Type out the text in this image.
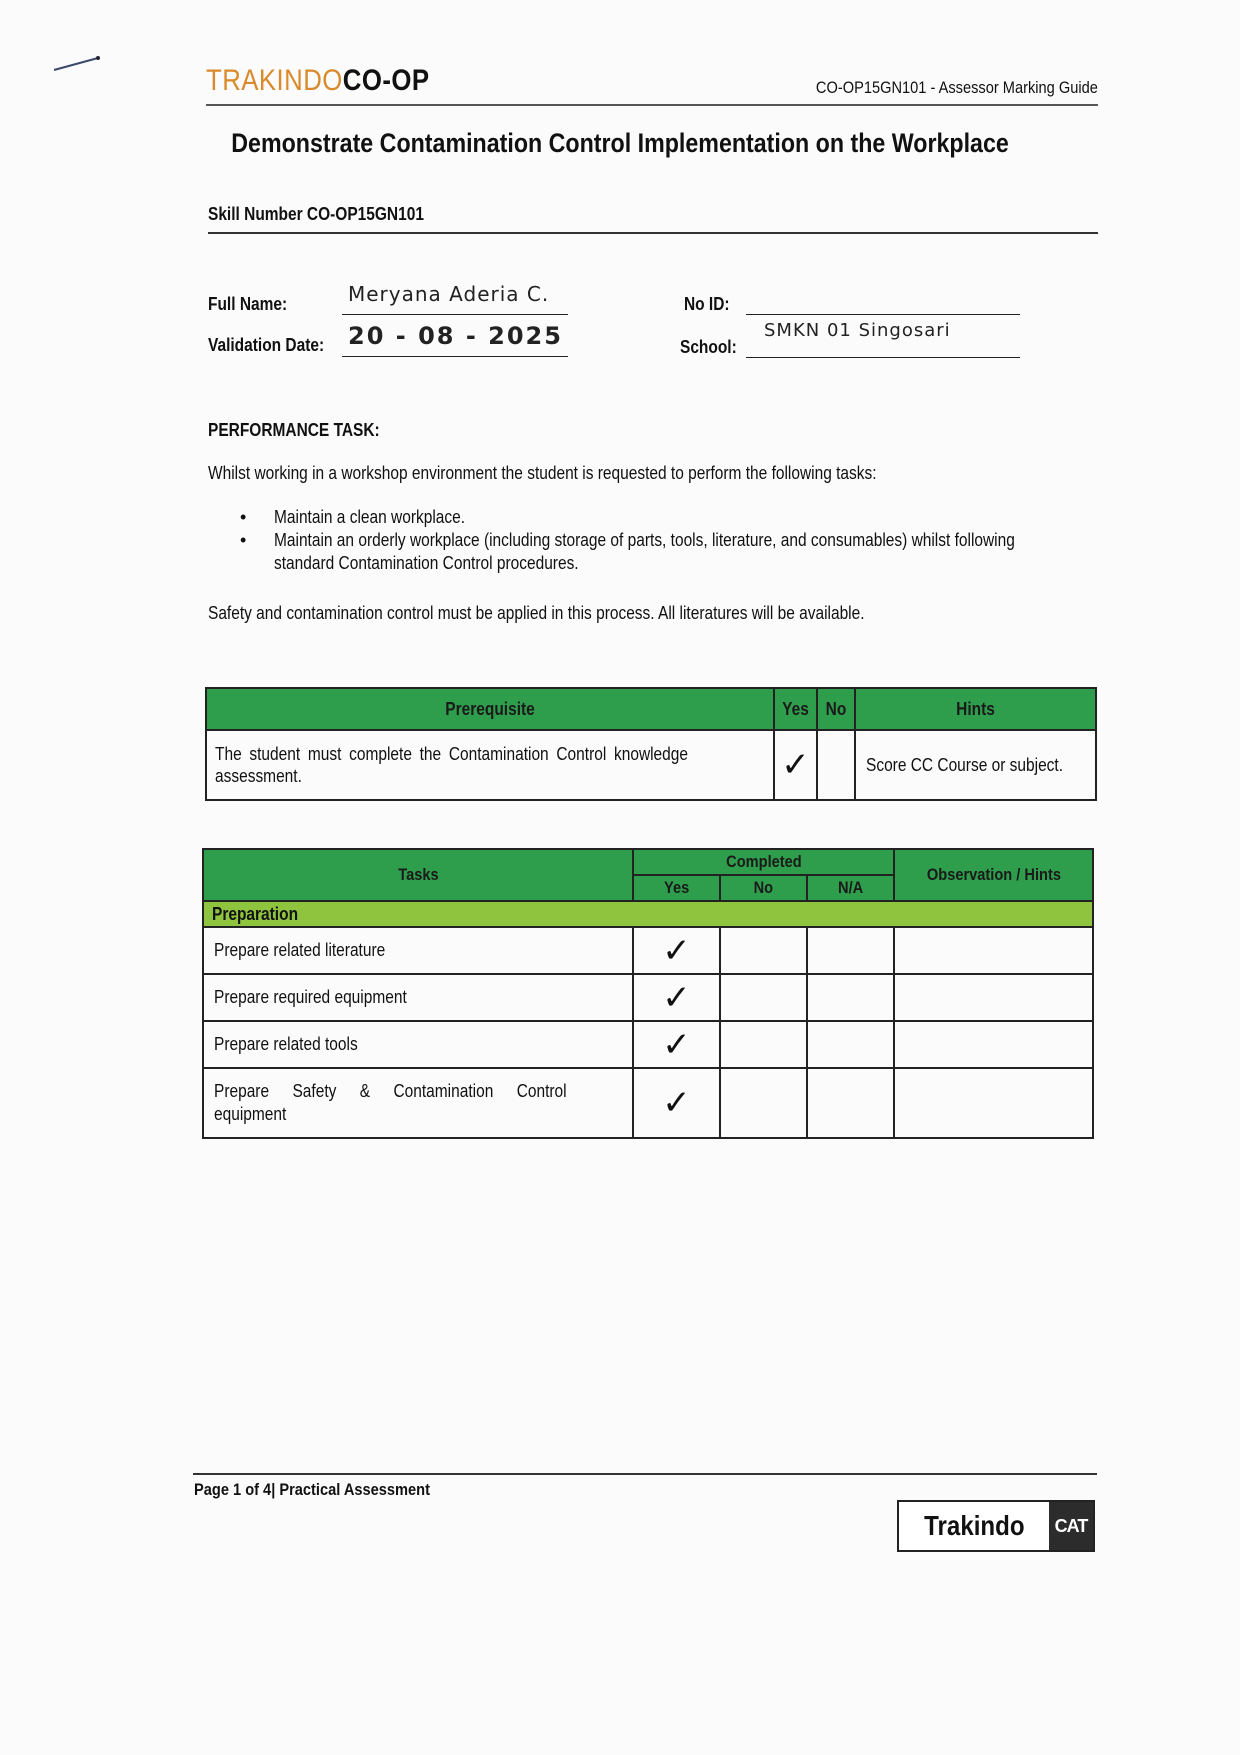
TRAKINDOCO-OP	CO-OP15GN101 - Assessor Marking Guide
Demonstrate Contamination Control Implementation on the Workplace
Skill Number CO-OP15GN101
Full Name:	Meryana Aderia C.
Validation Date: 20 - 08 - 2025
No ID:
School:
SMKN 01 Singosari
PERFORMANCE TASK:
Whilst working in a workshop environment the student is requested to perform the following tasks:
• Maintain a clean workplace.
• Maintain an orderly workplace (including storage of parts, tools, literature, and consumables) whilst following standard Contamination Control procedures.
Safety and contamination control must be applied in this process. All literatures will be available.
Prerequisite	Yes	No	Hints

The student must complete the Contamination Control knowledge assessment.	✓		Score CC Course or subject.
Tasks	Completed			Observation / Hints
	Yes	No	N/A	
Preparation				
Prepare related literature	✓			
Prepare required equipment	✓			
Prepare related tools	✓			

Prepare Safety & Contamination Control equipment	✓			
Page 1 of 4| Practical Assessment
Trakindo	CAT
